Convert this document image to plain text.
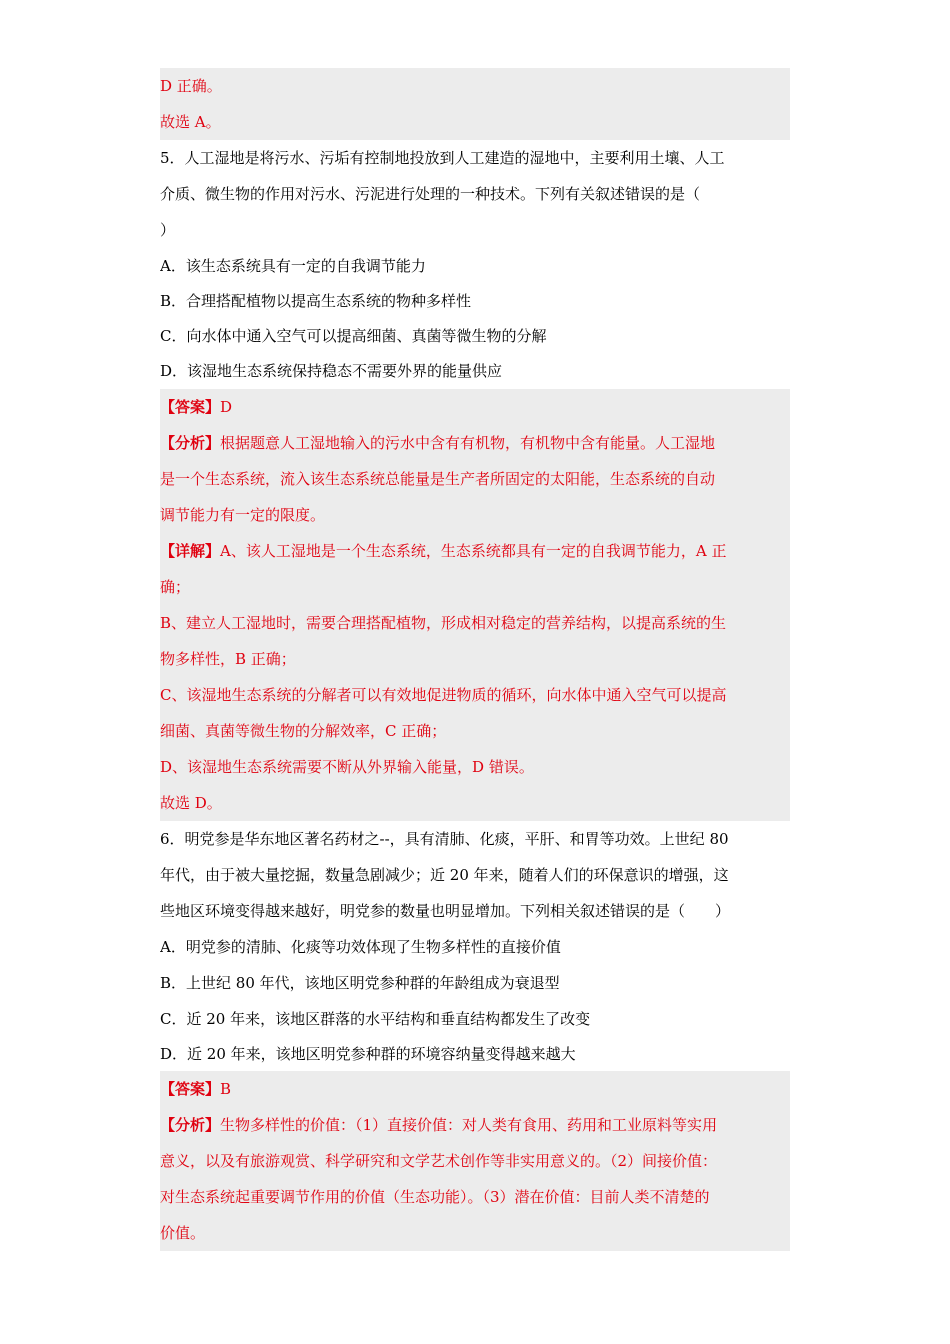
D 正确。
故选 A。
5．人工湿地是将污水、污垢有控制地投放到人工建造的湿地中，主要利用土壤、人工
介质、微生物的作用对污水、污泥进行处理的一种技术。下列有关叙述错误的是（
）
A．该生态系统具有一定的自我调节能力
B．合理搭配植物以提高生态系统的物种多样性
C．向水体中通入空气可以提高细菌、真菌等微生物的分解
D．该湿地生态系统保持稳态不需要外界的能量供应
【答案】D
【分析】根据题意人工湿地输入的污水中含有有机物，有机物中含有能量。人工湿地
是一个生态系统，流入该生态系统总能量是生产者所固定的太阳能，生态系统的自动
调节能力有一定的限度。
【详解】A、该人工湿地是一个生态系统，生态系统都具有一定的自我调节能力，A 正
确；
B、建立人工湿地时，需要合理搭配植物，形成相对稳定的营养结构，以提高系统的生
物多样性，B 正确；
C、该湿地生态系统的分解者可以有效地促进物质的循环，向水体中通入空气可以提高
细菌、真菌等微生物的分解效率，C 正确；
D、该湿地生态系统需要不断从外界输入能量，D 错误。
故选 D。
6．明党参是华东地区著名药材之--，具有清肺、化痰，平肝、和胃等功效。上世纪 80
年代，由于被大量挖掘，数量急剧减少；近 20 年来，随着人们的环保意识的增强，这
些地区环境变得越来越好，明党参的数量也明显增加。下列相关叙述错误的是（　　）
A．明党参的清肺、化痰等功效体现了生物多样性的直接价值
B．上世纪 80 年代，该地区明党参种群的年龄组成为衰退型
C．近 20 年来，该地区群落的水平结构和垂直结构都发生了改变
D．近 20 年来，该地区明党参种群的环境容纳量变得越来越大
【答案】B
【分析】生物多样性的价值：（1）直接价值：对人类有食用、药用和工业原料等实用
意义，以及有旅游观赏、科学研究和文学艺术创作等非实用意义的。（2）间接价值：
对生态系统起重要调节作用的价值（生态功能）。（3）潜在价值：目前人类不清楚的
价值。
